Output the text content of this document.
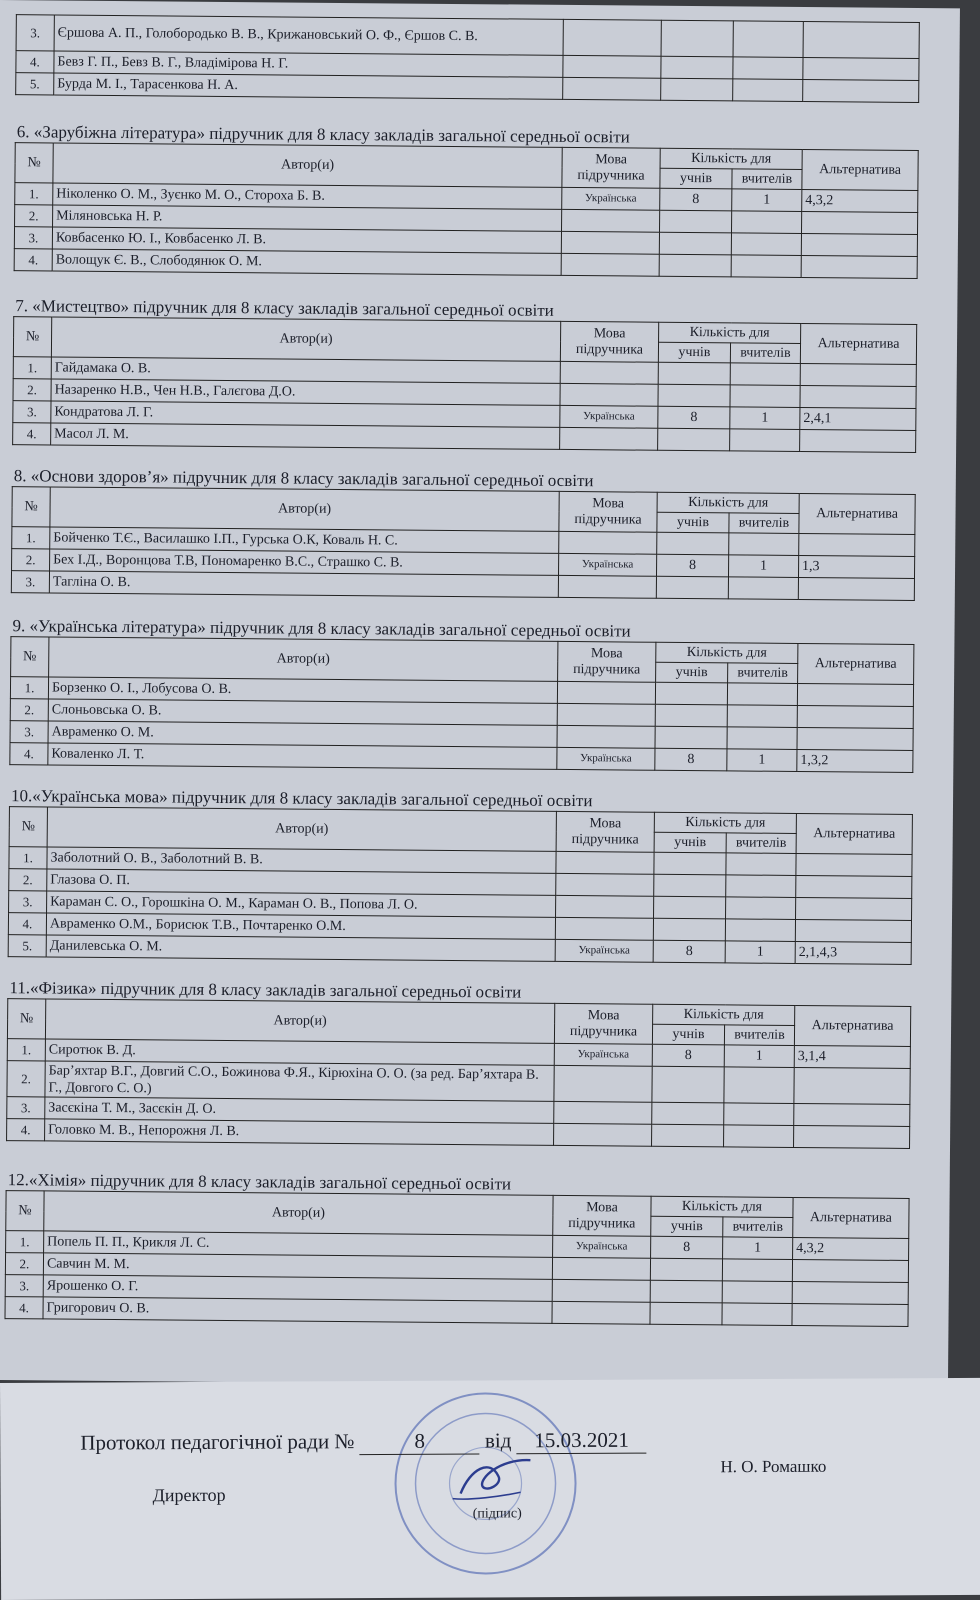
3.	Єршова А. П., Голобородько В. В., Крижановський О. Ф., Єршов С. В.				
4.	Бевз Г. П., Бевз В. Г., Владімірова Н. Г.				
5.	Бурда М. І., Тарасенкова Н. А.				
6. «Зарубіжна література» підручник для 8 класу закладів загальної середньої освіти
№	Автор(и)	Мова підручника	Кількість для		Альтернатива
			учнів	вчителів	
1.	Ніколенко О. М., Зуєнко М. О., Стороха Б. В.	Українська	8	1	4,3,2
2.	Міляновська Н. Р.				
3.	Ковбасенко Ю. І., Ковбасенко Л. В.				
4.	Волощук Є. В., Слободянюк О. М.				
7. «Мистецтво» підручник для 8 класу закладів загальної середньої освіти
№	Автор(и)	Мова підручника	Кількість для		Альтернатива
			учнів	вчителів	
1.	Гайдамака О. В.				
2.	Назаренко Н.В., Чен Н.В., Галєгова Д.О.				
3.	Кондратова Л. Г.	Українська	8	1	2,4,1
4.	Масол Л. М.				
8. «Основи здоров’я» підручник для 8 класу закладів загальної середньої освіти
№	Автор(и)	Мова підручника	Кількість для		Альтернатива
			учнів	вчителів	
1.	Бойченко Т.Є., Василашко І.П., Гурська О.К, Коваль Н. С.				
2.	Бех І.Д., Воронцова Т.В, Пономаренко В.С., Страшко С. В.	Українська	8	1	1,3
3.	Тагліна О. В.				
9. «Українська література» підручник для 8 класу закладів загальної середньої освіти
№	Автор(и)	Мова підручника	Кількість для		Альтернатива
			учнів	вчителів	
1.	Борзенко О. І., Лобусова О. В.				
2.	Слоньовська О. В.				
3.	Авраменко О. М.				
4.	Коваленко Л. Т.	Українська	8	1	1,3,2
10.«Українська мова» підручник для 8 класу закладів загальної середньої освіти
№	Автор(и)	Мова підручника	Кількість для		Альтернатива
			учнів	вчителів	
1.	Заболотний О. В., Заболотний В. В.				
2.	Глазова О. П.				
3.	Караман С. О., Горошкіна О. М., Караман О. В., Попова Л. О.				
4.	Авраменко О.М., Борисюк Т.В., Почтаренко О.М.				
5.	Данилевська О. М.	Українська	8	1	2,1,4,3
11.«Фізика» підручник для 8 класу закладів загальної середньої освіти
№	Автор(и)	Мова підручника	Кількість для		Альтернатива
			учнів	вчителів	
1.	Сиротюк В. Д.	Українська	8	1	3,1,4
2.	Бар’яхтар В.Г., Довгий С.О., Божинова Ф.Я., Кірюхіна О. О. (за ред. Бар’яхтара В. Г., Довгого С. О.)				
3.	Засєкіна Т. М., Засєкін Д. О.				
4.	Головко М. В., Непорожня Л. В.				
12.«Хімія» підручник для 8 класу закладів загальної середньої освіти
№	Автор(и)	Мова підручника	Кількість для		Альтернатива
			учнів	вчителів	
1.	Попель П. П., Крикля Л. С.	Українська	8	1	4,3,2
2.	Савчин М. М.				
3.	Ярошенко О. Г.				
4.	Григорович О. В.				
Протокол педагогічної ради №	8	від 15.03.2021
Н. О. Ромашко
Директор
(підпис)
